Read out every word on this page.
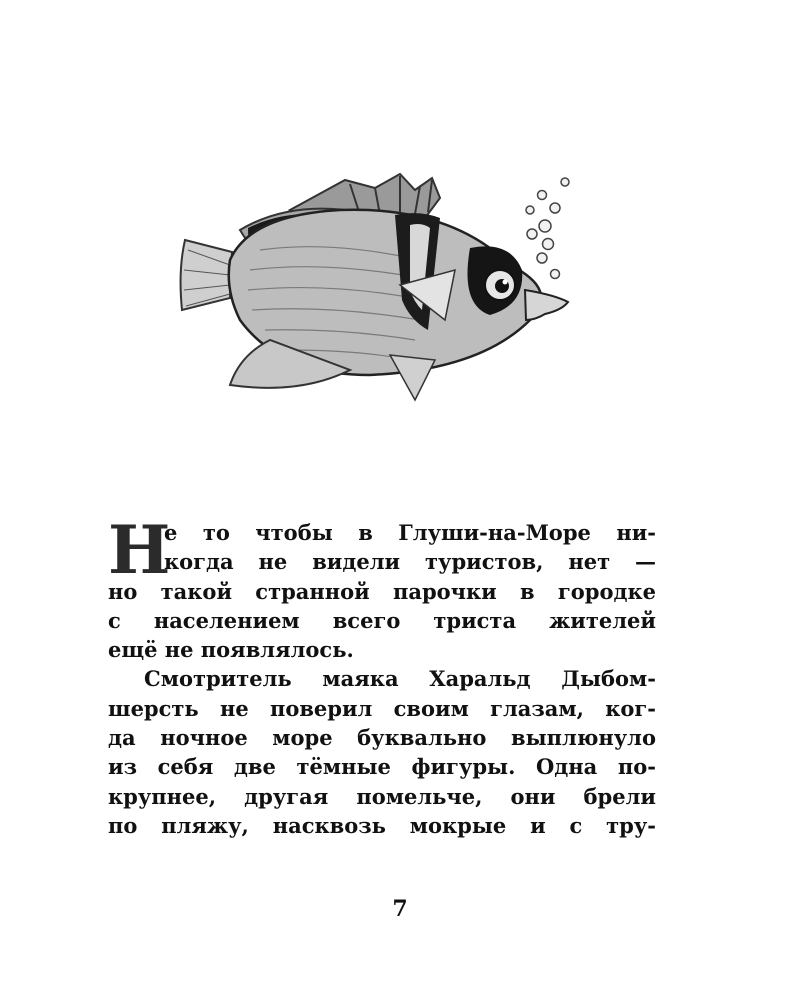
Н
е то чтобы в Глуши-на-Море ни-
когда не видели туристов, нет —
но такой странной парочки в городке
с населением всего триста жителей
ещё не появлялось.
Смотритель маяка Харальд Дыбом-
шерсть не поверил своим глазам, ког-
да ночное море буквально выплюнуло
из себя две тёмные фигуры. Одна по-
крупнее, другая помельче, они брели
по пляжу, насквозь мокрые и с тру-
7
